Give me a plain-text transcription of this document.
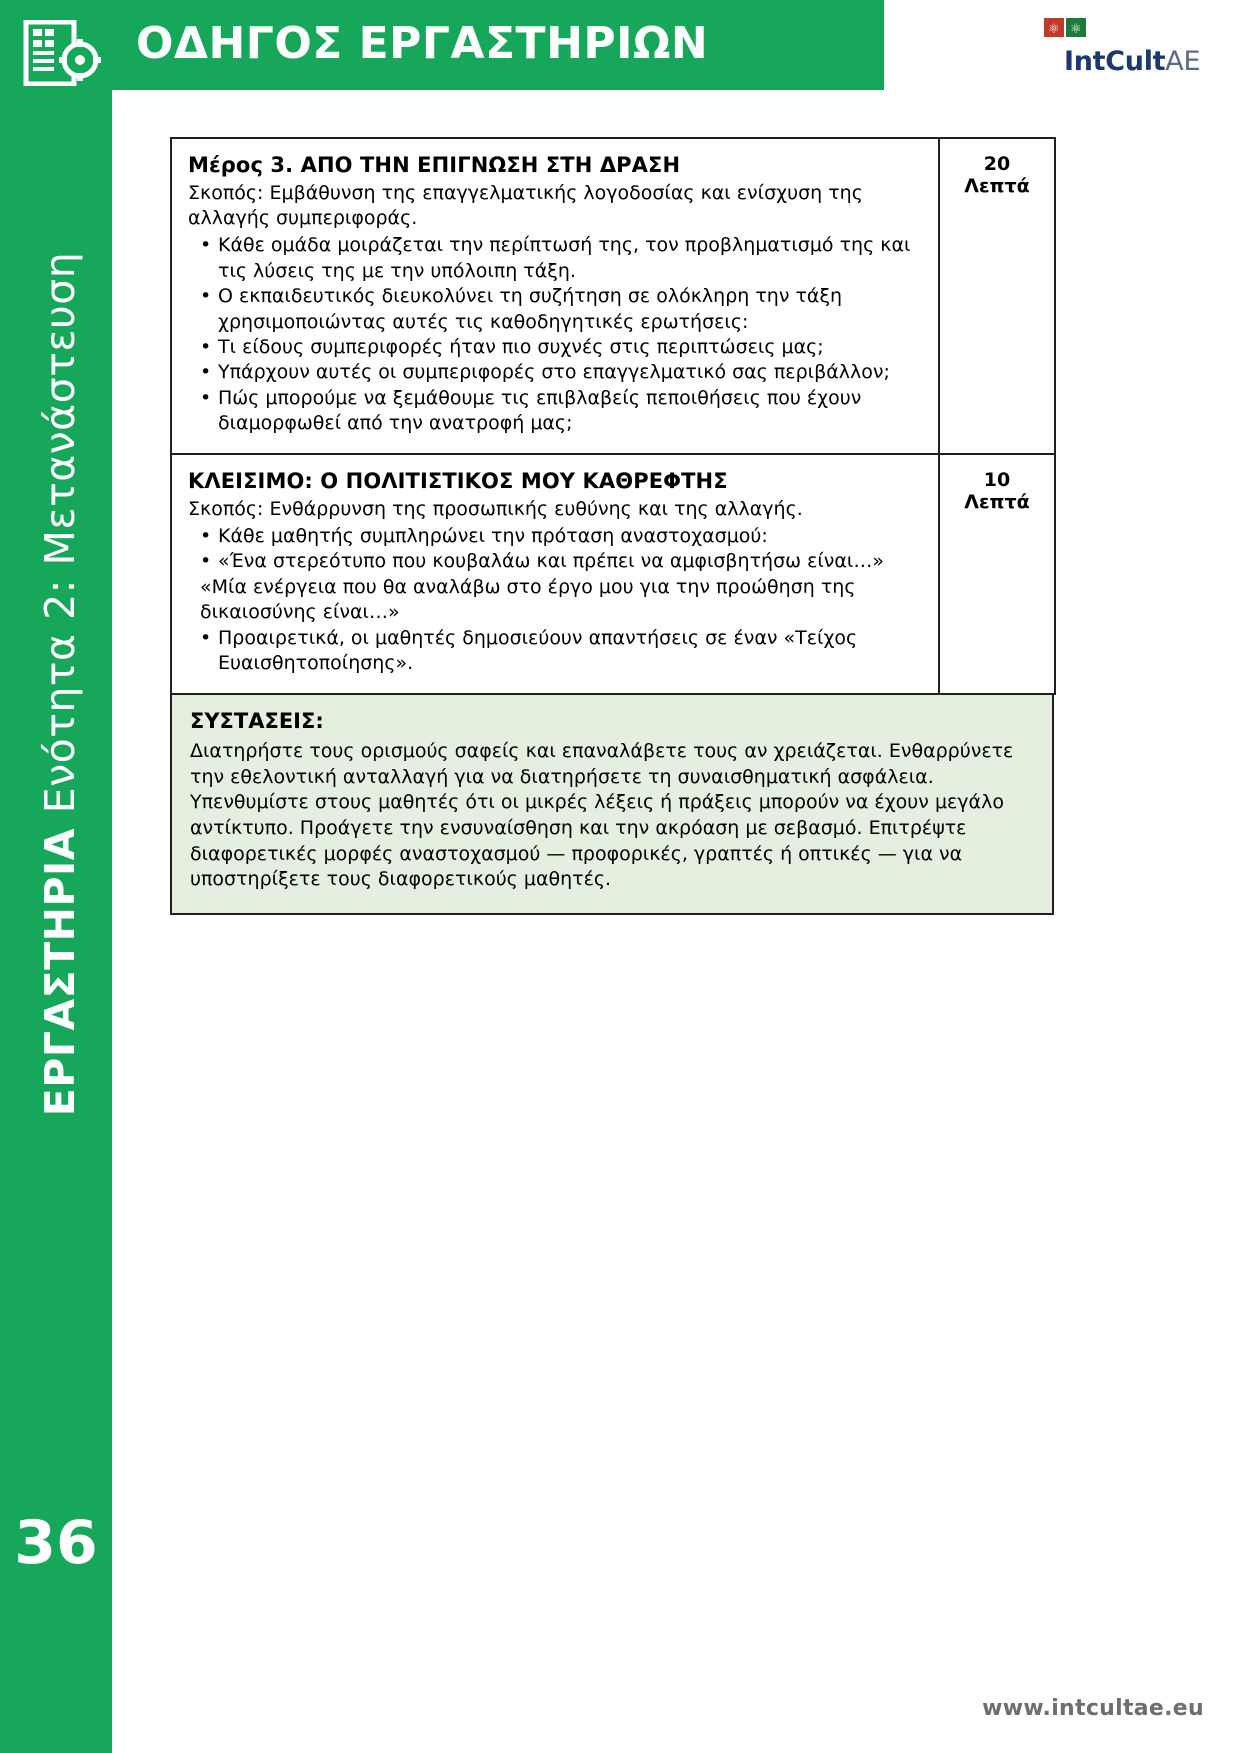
ΕΡΓΑΣΤΗΡΙΑ Ενότητα 2: Μετανάστευση
36
ΟΔΗΓΟΣ ΕΡΓΑΣΤΗΡΙΩΝ	⚛ ⚛
IntCultAE

Μέρος 3. ΑΠΟ ΤΗΝ ΕΠΙΓΝΩΣΗ ΣΤΗ ΔΡΑΣΗ

Σκοπός: Εμβάθυνση της επαγγελματικής λογοδοσίας και ενίσχυση της αλλαγής συμπεριφοράς.

• Κάθε ομάδα μοιράζεται την περίπτωσή της, τον προβληματισμό της και τις λύσεις της με την υπόλοιπη τάξη.
• Ο εκπαιδευτικός διευκολύνει τη συζήτηση σε ολόκληρη την τάξη χρησιμοποιώντας αυτές τις καθοδηγητικές ερωτήσεις:
• Τι είδους συμπεριφορές ήταν πιο συχνές στις περιπτώσεις μας;
• Υπάρχουν αυτές οι συμπεριφορές στο επαγγελματικό σας περιβάλλον;
• Πώς μπορούμε να ξεμάθουμε τις επιβλαβείς πεποιθήσεις που έχουν διαμορφωθεί από την ανατροφή μας;
	20 Λεπτά

ΚΛΕΙΣΙΜΟ: Ο ΠΟΛΙΤΙΣΤΙΚΟΣ ΜΟΥ ΚΑΘΡΕΦΤΗΣ

Σκοπός: Ενθάρρυνση της προσωπικής ευθύνης και της αλλαγής.

• Κάθε μαθητής συμπληρώνει την πρόταση αναστοχασμού:
• «Ένα στερεότυπο που κουβαλάω και πρέπει να αμφισβητήσω είναι…»
«Μία ενέργεια που θα αναλάβω στο έργο μου για την προώθηση της δικαιοσύνης είναι…»
• Προαιρετικά, οι μαθητές δημοσιεύουν απαντήσεις σε έναν «Τείχος Ευαισθητοποίησης».
	10 Λεπτά

ΣΥΣΤΑΣΕΙΣ:

Διατηρήστε τους ορισμούς σαφείς και επαναλάβετε τους αν χρειάζεται. Ενθαρρύνετε την εθελοντική ανταλλαγή για να διατηρήσετε τη συναισθηματική ασφάλεια. Υπενθυμίστε στους μαθητές ότι οι μικρές λέξεις ή πράξεις μπορούν να έχουν μεγάλο αντίκτυπο. Προάγετε την ενσυναίσθηση και την ακρόαση με σεβασμό. Επιτρέψτε διαφορετικές μορφές αναστοχασμού — προφορικές, γραπτές ή οπτικές — για να υποστηρίξετε τους διαφορετικούς μαθητές.

www.intcultae.eu
